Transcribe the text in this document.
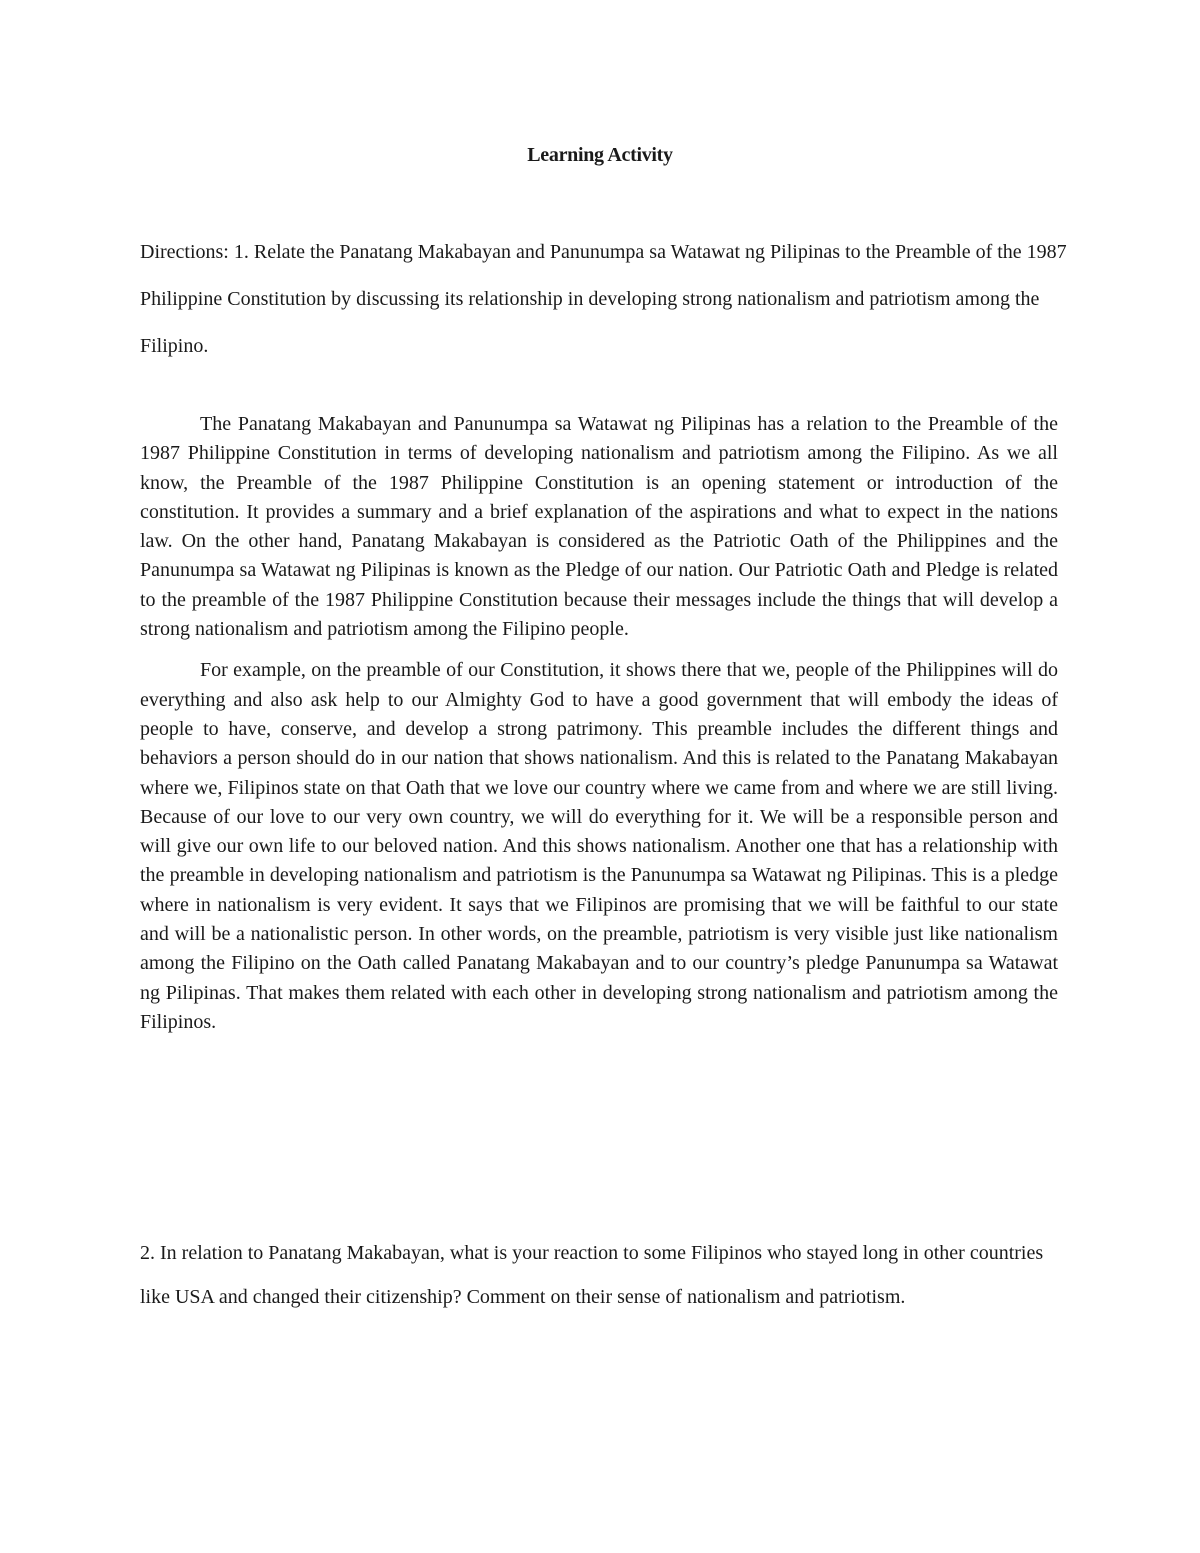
Learning Activity

Directions: 1. Relate the Panatang Makabayan and Panunumpa sa Watawat ng Pilipinas to the Preamble of the 1987 Philippine Constitution by discussing its relationship in developing strong nationalism and patriotism among the Filipino.

The Panatang Makabayan and Panunumpa sa Watawat ng Pilipinas has a relation to the Preamble of the 1987 Philippine Constitution in terms of developing nationalism and patriotism among the Filipino. As we all know, the Preamble of the 1987 Philippine Constitution is an opening statement or introduction of the constitution. It provides a summary and a brief explanation of the aspirations and what to expect in the nations law. On the other hand, Panatang Makabayan is considered as the Patriotic Oath of the Philippines and the Panunumpa sa Watawat ng Pilipinas is known as the Pledge of our nation. Our Patriotic Oath and Pledge is related to the preamble of the 1987 Philippine Constitution because their messages include the things that will develop a strong nationalism and patriotism among the Filipino people.

For example, on the preamble of our Constitution, it shows there that we, people of the Philippines will do everything and also ask help to our Almighty God to have a good government that will embody the ideas of people to have, conserve, and develop a strong patrimony. This preamble includes the different things and behaviors a person should do in our nation that shows nationalism. And this is related to the Panatang Makabayan where we, Filipinos state on that Oath that we love our country where we came from and where we are still living. Because of our love to our very own country, we will do everything for it. We will be a responsible person and will give our own life to our beloved nation. And this shows nationalism. Another one that has a relationship with the preamble in developing nationalism and patriotism is the Panunumpa sa Watawat ng Pilipinas. This is a pledge where in nationalism is very evident. It says that we Filipinos are promising that we will be faithful to our state and will be a nationalistic person. In other words, on the preamble, patriotism is very visible just like nationalism among the Filipino on the Oath called Panatang Makabayan and to our country’s pledge Panunumpa sa Watawat ng Pilipinas. That makes them related with each other in developing strong nationalism and patriotism among the Filipinos.

2. In relation to Panatang Makabayan, what is your reaction to some Filipinos who stayed long in other countries like USA and changed their citizenship? Comment on their sense of nationalism and patriotism.
